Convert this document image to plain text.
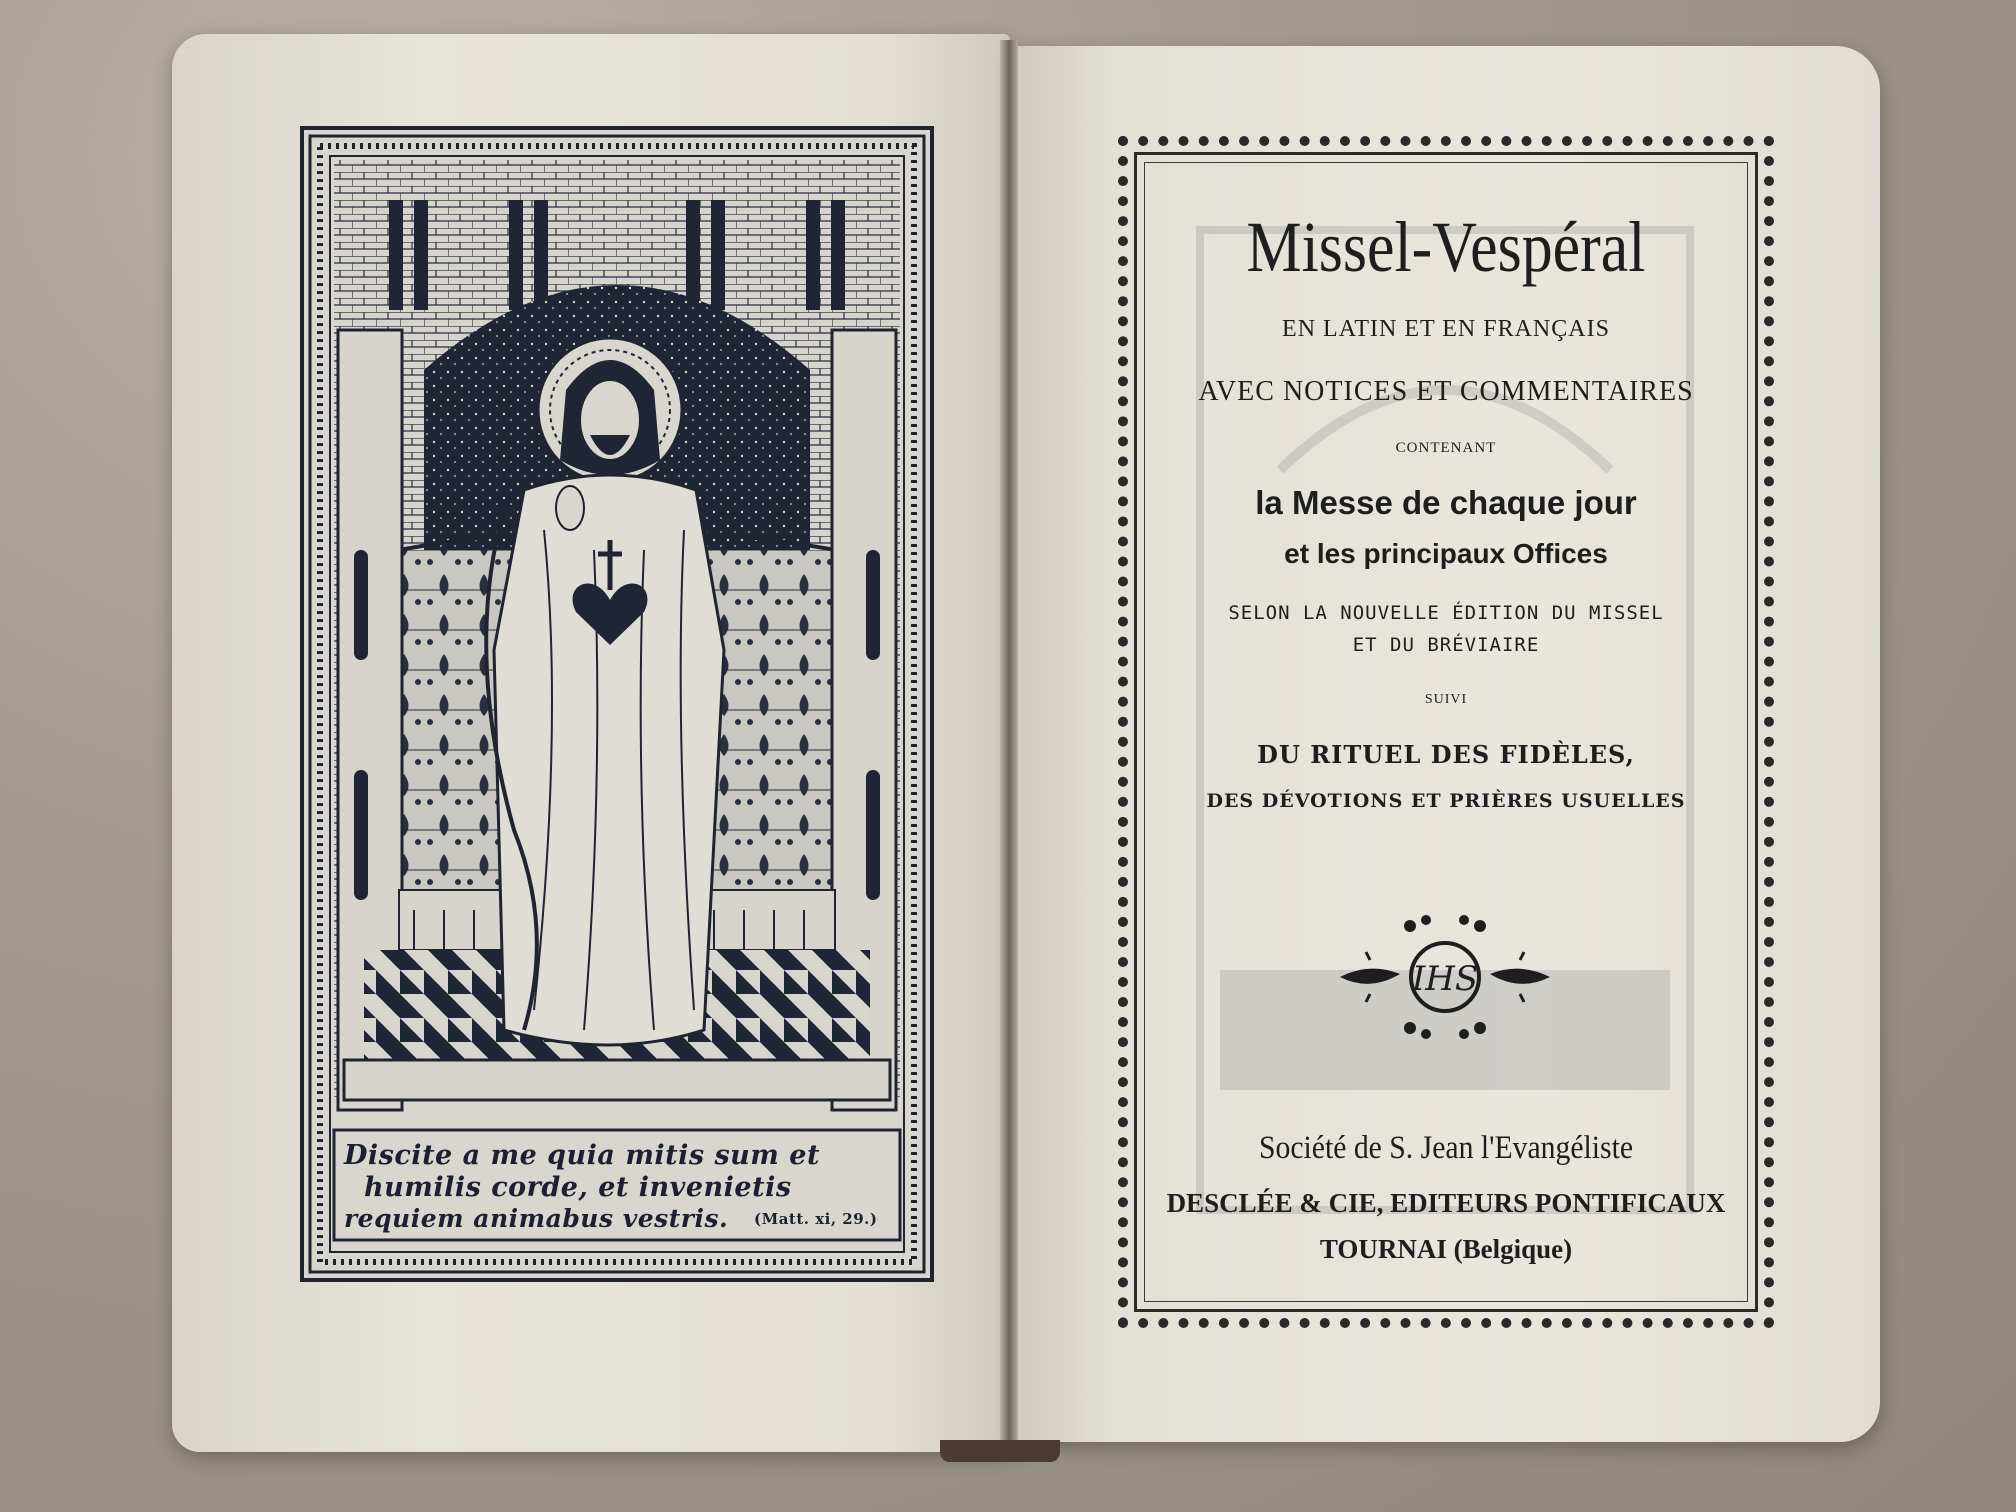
Discite a me quia mitis sum et
humilis corde, et invenietis
requiem animabus vestris. (Matt. xi, 29.)
Missel-Vespéral
EN LATIN ET EN FRANÇAIS
AVEC NOTICES ET COMMENTAIRES
CONTENANT
la Messe de chaque jour
et les principaux Offices
SELON LA NOUVELLE ÉDITION DU MISSEL
ET DU BRÉVIAIRE
SUIVI
DU RITUEL DES FIDÈLES,
DES DÉVOTIONS ET PRIÈRES USUELLES
IHS
Société de S. Jean l'Evangéliste
DESCLÉE & CIE, EDITEURS PONTIFICAUX
TOURNAI (Belgique)
